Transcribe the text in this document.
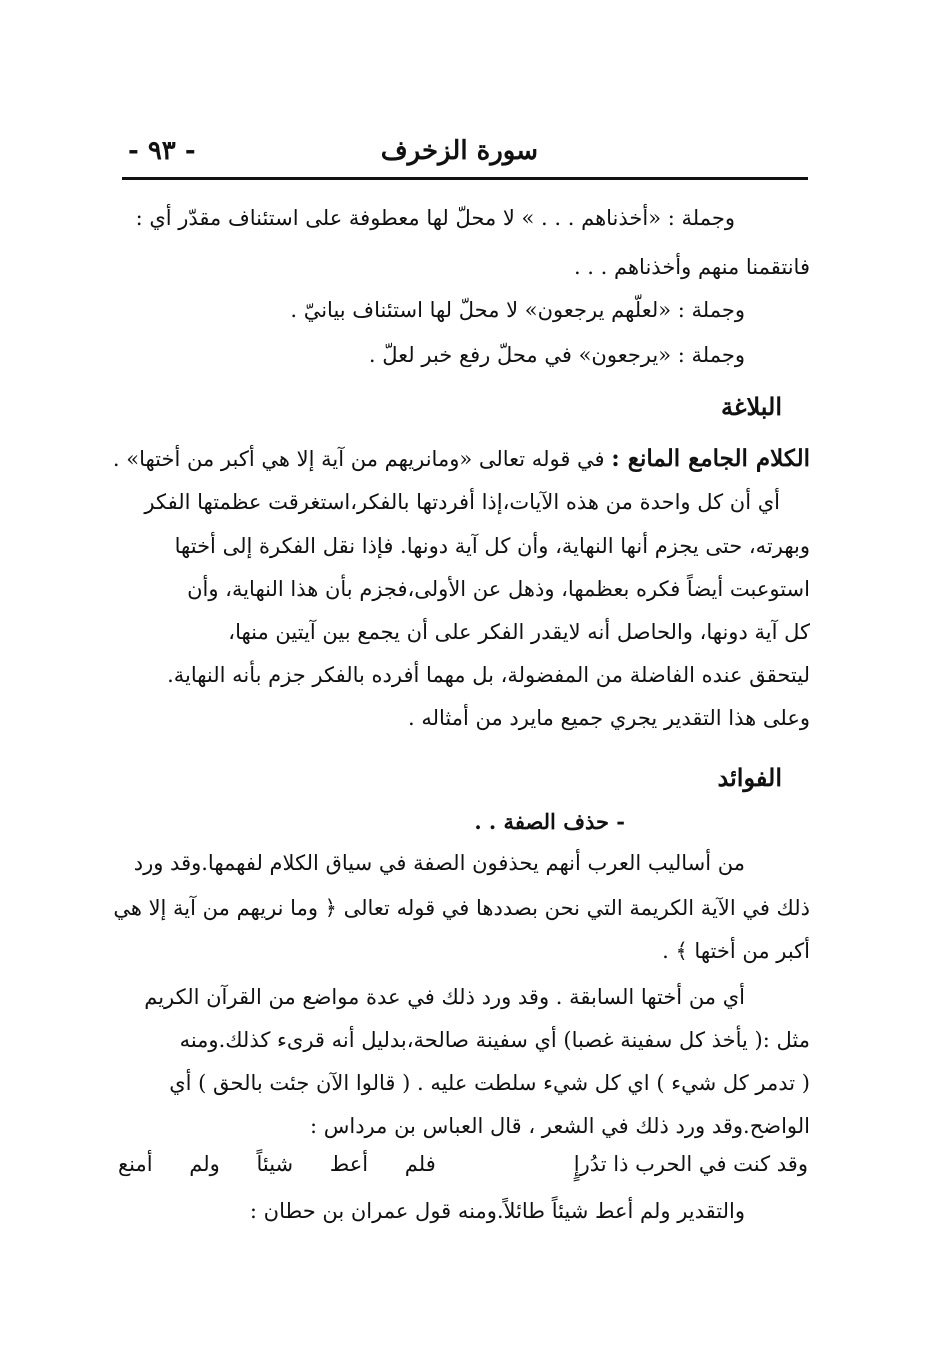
سورة الزخرف
- ٩٣ -
وجملة : «أخذناهم . . . » لا محلّ لها معطوفة على استئناف مقدّر أي :
فانتقمنا منهم وأخذناهم . . .
وجملة : «لعلّهم يرجعون» لا محلّ لها استئناف بيانيّ .
وجملة : «يرجعون» في محلّ رفع خبر لعلّ .
البلاغة
الكلام الجامع المانع : في قوله تعالى «ومانريهم من آية إلا هي أكبر من أختها» .
أي أن كل واحدة من هذه الآيات،إذا أفردتها بالفكر،استغرقت عظمتها الفكر
وبهرته، حتى يجزم أنها النهاية، وأن كل آية دونها. فإذا نقل الفكرة إلى أختها
استوعبت أيضاً فكره بعظمها، وذهل عن الأولى،فجزم بأن هذا النهاية، وأن
كل آية دونها، والحاصل أنه لايقدر الفكر على أن يجمع بين آيتين منها،
ليتحقق عنده الفاضلة من المفضولة، بل مهما أفرده بالفكر جزم بأنه النهاية.
وعلى هذا التقدير يجري جميع مايرد من أمثاله .
الفوائد
- حذف الصفة . .
من أساليب العرب أنهم يحذفون الصفة في سياق الكلام لفهمها.وقد ورد
ذلك في الآية الكريمة التي نحن بصددها في قوله تعالى ﴿ وما نريهم من آية إلا هي
أكبر من أختها ﴾ .
أي من أختها السابقة . وقد ورد ذلك في عدة مواضع من القرآن الكريم
مثل :( يأخذ كل سفينة غصبا) أي سفينة صالحة،بدليل أنه قرىء كذلك.ومنه
( تدمر كل شيء ) اي كل شيء سلطت عليه . ( قالوا الآن جئت بالحق ) أي
الواضح.وقد ورد ذلك في الشعر ، قال العباس بن مرداس :
وقد كنت في الحرب ذا تدُرإٍ
فلم أعط شيئاً ولم أمنع
والتقدير ولم أعط شيئاً طائلاً.ومنه قول عمران بن حطان :
